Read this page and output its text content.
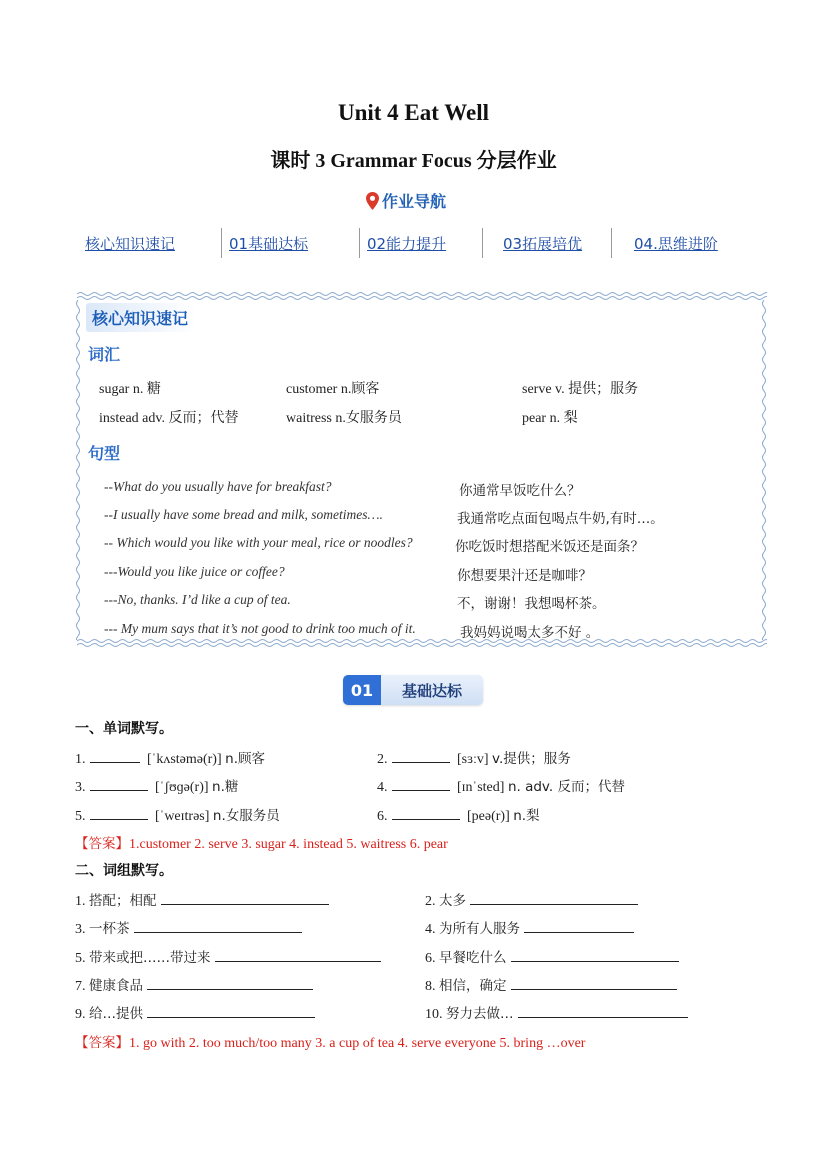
Unit 4 Eat Well
课时 3 Grammar Focus 分层作业
作业导航
核心知识速记	01基础达标	02能力提升	03拓展培优	04.思维进阶
核心知识速记
词汇
sugar n. 糖	customer n.顾客	serve v. 提供；服务
instead adv. 反而；代替	waitress n.女服务员	pear n. 梨
句型
--What do you usually have for breakfast?	你通常早饭吃什么？
--I usually have some bread and milk, sometimes….	我通常吃点面包喝点牛奶,有时…。
-- Which would you like with your meal, rice or noodles?	你吃饭时想搭配米饭还是面条？
---Would you like juice or coffee?	你想要果汁还是咖啡？
---No, thanks. I’d like a cup of tea.	不，谢谢！我想喝杯茶。
--- My mum says that it’s not good to drink too much of it.	我妈妈说喝太多不好 。
01	基础达标
一、单词默写。
1.	[ˈkʌstəmə(r)] n.顾客	2.	[sɜːv] v.提供；服务
3.	[ˈʃʊɡə(r)] n.糖	4.	[ɪnˈsted] n. adv. 反而；代替
5.	[ˈweɪtrəs] n.女服务员	6.	[peə(r)] n.梨
【答案】1.customer 2. serve 3. sugar 4. instead 5. waitress 6. pear
二、词组默写。
1. 搭配；相配	2. 太多
3. 一杯茶	4. 为所有人服务
5. 带来或把……带过来	6. 早餐吃什么
7. 健康食品	8. 相信，确定
9. 给…提供	10. 努力去做…
【答案】1. go with 2. too much/too many 3. a cup of tea 4. serve everyone 5. bring …over
